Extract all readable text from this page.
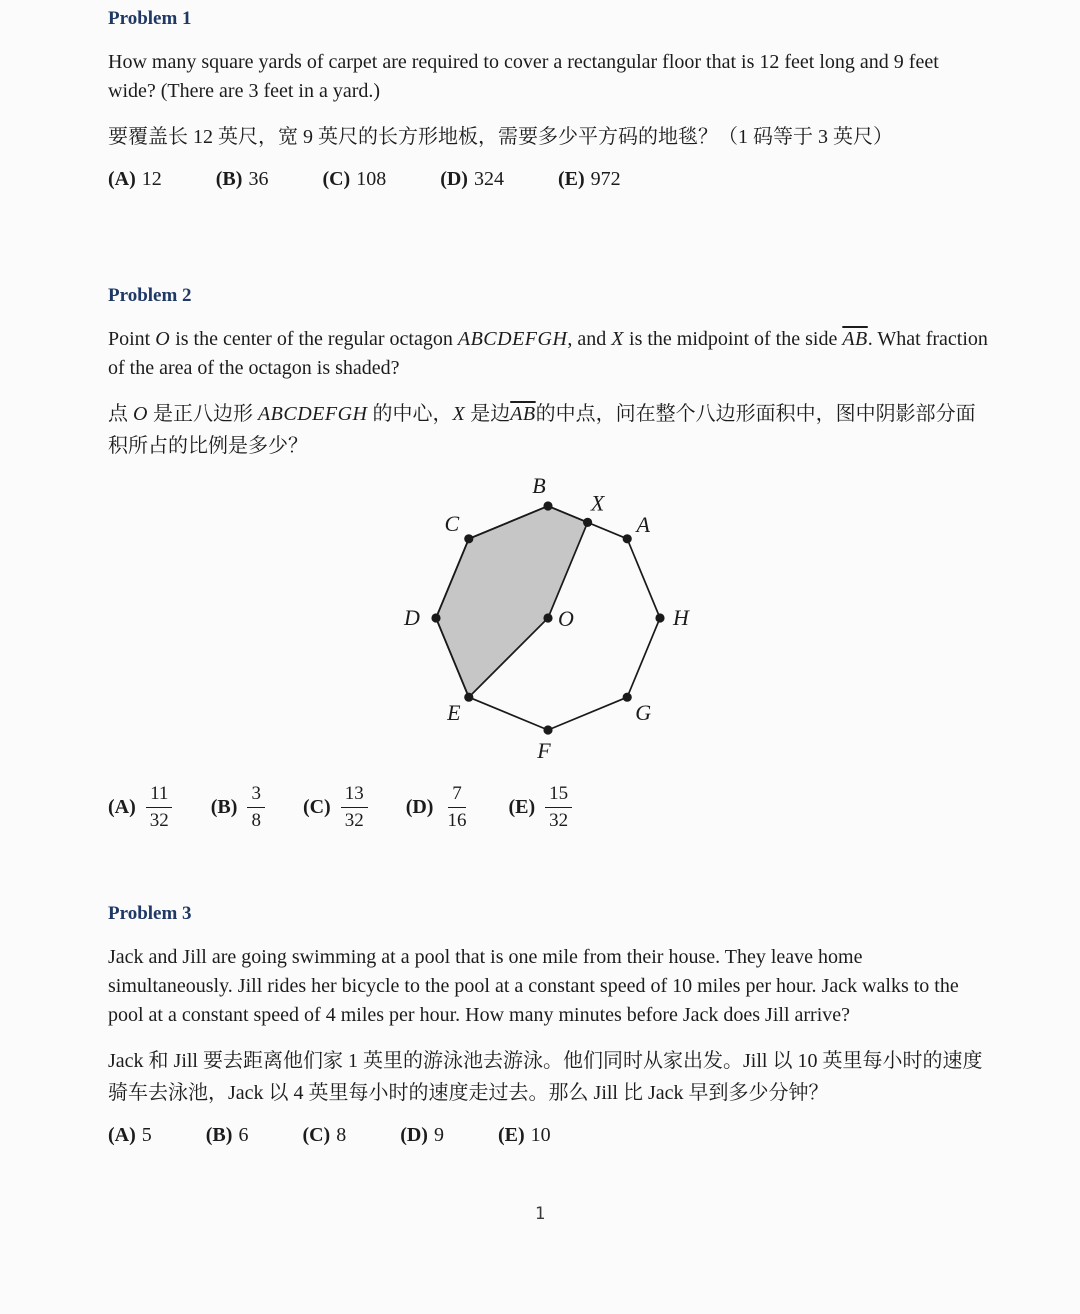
Problem 1

How many square yards of carpet are required to cover a rectangular floor that is 12 feet long and 9 feet wide? (There are 3 feet in a yard.)

要覆盖长 12 英尺，宽 9 英尺的长方形地板，需要多少平方码的地毯？（1 码等于 3 英尺）

(A) 12	(B) 36	(C) 108	(D) 324	(E) 972
Problem 2

Point O is the center of the regular octagon ABCDEFGH, and X is the midpoint of the side $\overline{AB}$. What fraction of the area of the octagon is shaded?

点 O 是正八边形 ABCDEFGH 的中心，X 是边$\overline{AB}$的中点，问在整个八边形面积中，图中阴影部分面积所占的比例是多少？

A
B
C
D
E
F
G
H
O
X
$(A) \frac{11}{32} (B) \frac{3}{8} (C) \frac{13}{32} (D) \frac{7}{16} (E) \frac{15}{32}$
Problem 3

Jack and Jill are going swimming at a pool that is one mile from their house. They leave home simultaneously. Jill rides her bicycle to the pool at a constant speed of 10 miles per hour. Jack walks to the pool at a constant speed of 4 miles per hour. How many minutes before Jack does Jill arrive?

Jack 和 Jill 要去距离他们家 1 英里的游泳池去游泳。他们同时从家出发。Jill 以 10 英里每小时的速度骑车去泳池，Jack 以 4 英里每小时的速度走过去。那么 Jill 比 Jack 早到多少分钟？

(A) 5	(B) 6	(C) 8	(D) 9	(E) 10
1
